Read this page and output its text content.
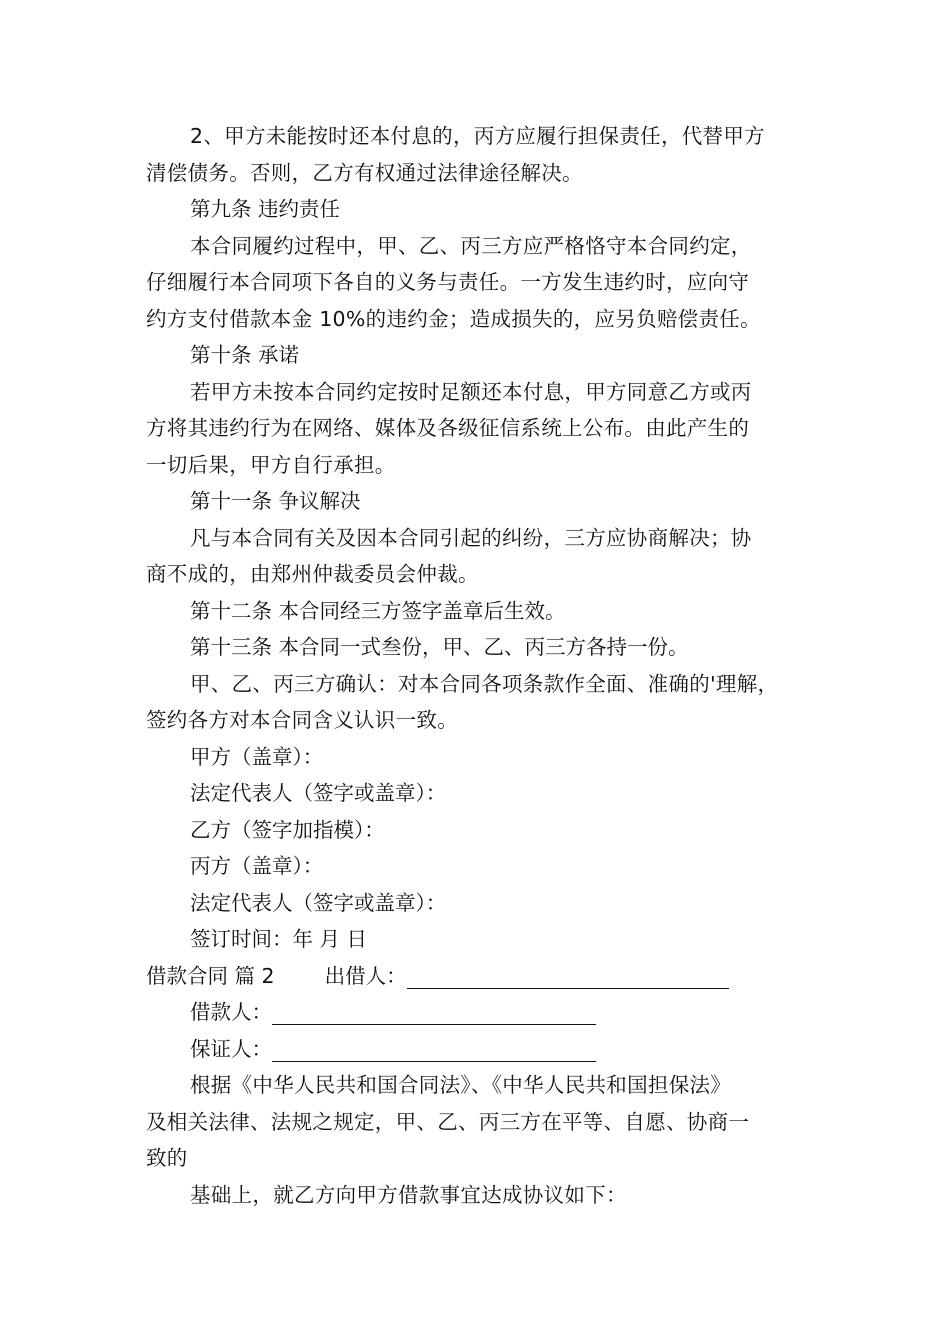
2、甲方未能按时还本付息的，丙方应履行担保责任，代替甲方

清偿债务。否则，乙方有权通过法律途径解决。

第九条 违约责任

本合同履约过程中，甲、乙、丙三方应严格恪守本合同约定，

仔细履行本合同项下各自的义务与责任。一方发生违约时，应向守

约方支付借款本金 10%的违约金；造成损失的，应另负赔偿责任。

第十条 承诺

若甲方未按本合同约定按时足额还本付息，甲方同意乙方或丙

方将其违约行为在网络、媒体及各级征信系统上公布。由此产生的

一切后果，甲方自行承担。

第十一条 争议解决

凡与本合同有关及因本合同引起的纠纷，三方应协商解决；协

商不成的，由郑州仲裁委员会仲裁。

第十二条 本合同经三方签字盖章后生效。

第十三条 本合同一式叁份，甲、乙、丙三方各持一份。

甲、乙、丙三方确认：对本合同各项条款作全面、准确的'理解，

签约各方对本合同含义认识一致。

甲方（盖章）：

法定代表人（签字或盖章）：

乙方（签字加指模）：

丙方（盖章）：

法定代表人（签字或盖章）：

签订时间：年 月 日

借款合同 篇 2 出借人：

借款人：

保证人：

根据《中华人民共和国合同法》、《中华人民共和国担保法》

及相关法律、法规之规定，甲、乙、丙三方在平等、自愿、协商一

致的

基础上，就乙方向甲方借款事宜达成协议如下：
